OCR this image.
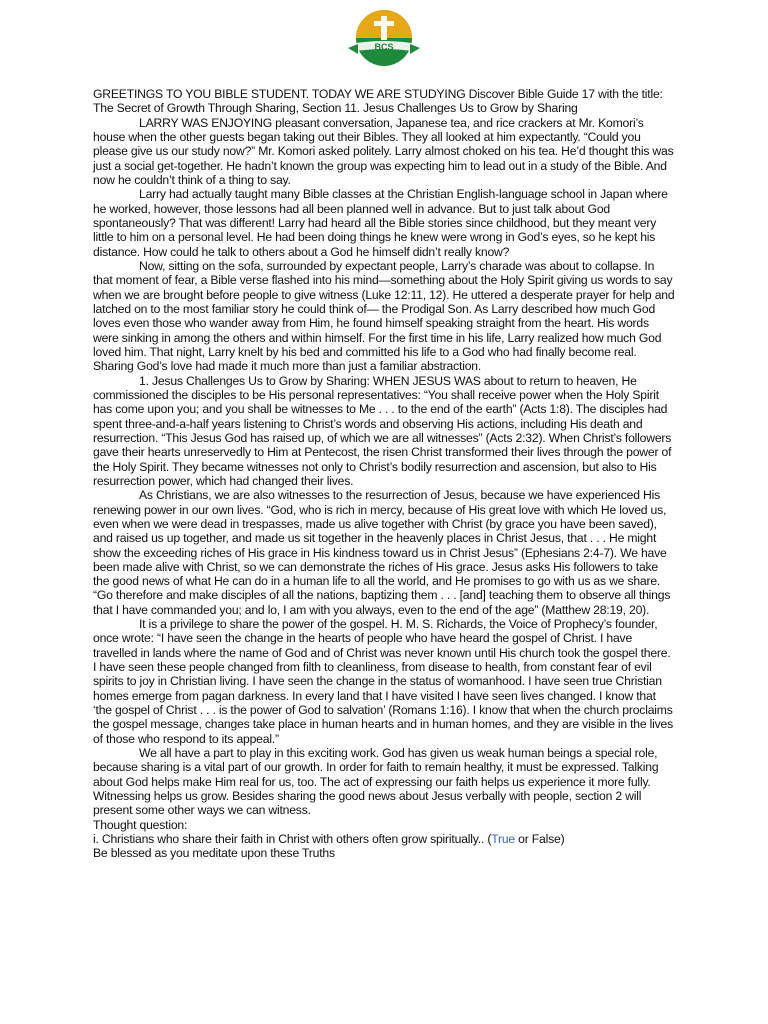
BCS

GREETINGS TO YOU BIBLE STUDENT. TODAY WE ARE STUDYING Discover Bible Guide 17 with the title:

The Secret of Growth Through Sharing, Section 11. Jesus Challenges Us to Grow by Sharing

LARRY WAS ENJOYING pleasant conversation, Japanese tea, and rice crackers at Mr. Komori’s house when the other guests began taking out their Bibles. They all looked at him expectantly. “Could you please give us our study now?” Mr. Komori asked politely. Larry almost choked on his tea. He’d thought this was just a social get-together. He hadn’t known the group was expecting him to lead out in a study of the Bible. And now he couldn’t think of a thing to say.

Larry had actually taught many Bible classes at the Christian English-language school in Japan where he worked, however, those lessons had all been planned well in advance. But to just talk about God spontaneously? That was different! Larry had heard all the Bible stories since childhood, but they meant very little to him on a personal level. He had been doing things he knew were wrong in God’s eyes, so he kept his distance. How could he talk to others about a God he himself didn’t really know?

Now, sitting on the sofa, surrounded by expectant people, Larry’s charade was about to collapse. In that moment of fear, a Bible verse flashed into his mind—something about the Holy Spirit giving us words to say when we are brought before people to give witness (Luke 12:11, 12). He uttered a desperate prayer for help and latched on to the most familiar story he could think of— the Prodigal Son. As Larry described how much God loves even those who wander away from Him, he found himself speaking straight from the heart. His words were sinking in among the others and within himself. For the first time in his life, Larry realized how much God loved him. That night, Larry knelt by his bed and committed his life to a God who had finally become real. Sharing God’s love had made it much more than just a familiar abstraction.

1. Jesus Challenges Us to Grow by Sharing: WHEN JESUS WAS about to return to heaven, He commissioned the disciples to be His personal representatives: “You shall receive power when the Holy Spirit has come upon you; and you shall be witnesses to Me . . . to the end of the earth” (Acts 1:8). The disciples had spent three-and-a-half years listening to Christ’s words and observing His actions, including His death and resurrection. “This Jesus God has raised up, of which we are all witnesses” (Acts 2:32). When Christ’s followers gave their hearts unreservedly to Him at Pentecost, the risen Christ transformed their lives through the power of the Holy Spirit. They became witnesses not only to Christ’s bodily resurrection and ascension, but also to His resurrection power, which had changed their lives.

As Christians, we are also witnesses to the resurrection of Jesus, because we have experienced His renewing power in our own lives. “God, who is rich in mercy, because of His great love with which He loved us, even when we were dead in trespasses, made us alive together with Christ (by grace you have been saved), and raised us up together, and made us sit together in the heavenly places in Christ Jesus, that . . . He might show the exceeding riches of His grace in His kindness toward us in Christ Jesus” (Ephesians 2:4-7). We have been made alive with Christ, so we can demonstrate the riches of His grace. Jesus asks His followers to take the good news of what He can do in a human life to all the world, and He promises to go with us as we share. “Go therefore and make disciples of all the nations, baptizing them . . . [and] teaching them to observe all things that I have commanded you; and lo, I am with you always, even to the end of the age” (Matthew 28:19, 20).

It is a privilege to share the power of the gospel. H. M. S. Richards, the Voice of Prophecy’s founder, once wrote: “I have seen the change in the hearts of people who have heard the gospel of Christ. I have travelled in lands where the name of God and of Christ was never known until His church took the gospel there. I have seen these people changed from filth to cleanliness, from disease to health, from constant fear of evil spirits to joy in Christian living. I have seen the change in the status of womanhood. I have seen true Christian homes emerge from pagan darkness. In every land that I have visited I have seen lives changed. I know that ‘the gospel of Christ . . . is the power of God to salvation’ (Romans 1:16). I know that when the church proclaims the gospel message, changes take place in human hearts and in human homes, and they are visible in the lives of those who respond to its appeal.”

We all have a part to play in this exciting work. God has given us weak human beings a special role, because sharing is a vital part of our growth. In order for faith to remain healthy, it must be expressed. Talking about God helps make Him real for us, too. The act of expressing our faith helps us experience it more fully. Witnessing helps us grow. Besides sharing the good news about Jesus verbally with people, section 2 will present some other ways we can witness.

Thought question:

i. Christians who share their faith in Christ with others often grow spiritually.. (True or False)

Be blessed as you meditate upon these Truths
